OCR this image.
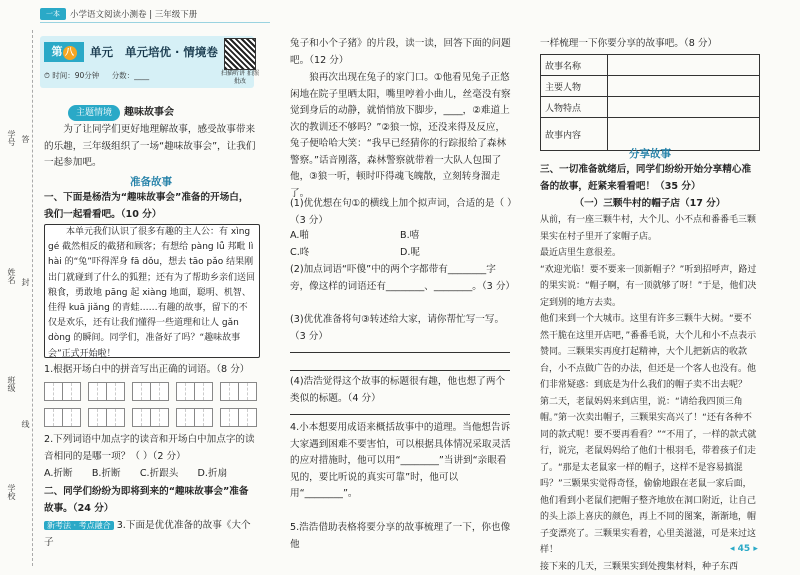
一本	小学语文阅读小测卷 | 三年级下册
学号 答
姓名 封
班级
线
学校
第 八	单元 单元培优 · 情境卷
⏱ 时间：90分钟 分数：____	扫描听讲 拍照批改
主题情境 趣味故事会
为了让同学们更好地理解故事，感受故事带来的乐趣，三年级组织了一场“趣味故事会”，让我们一起参加吧。
准备故事
一、下面是杨浩为“趣味故事会”准备的开场白，我们一起看看吧。（10 分）
本单元我们认识了很多有趣的主人公：有 xìng gé 截然相反的截猪和顾客；有想给 pàng lǚ 邦毗 lì hài 的“兔”吓得浑身 fā dǒu，想去 tāo pǎo 结果刚出门就碰到了什么的狐狸；还有为了帮助乡亲们送回粮食，勇敢地 pāng 起 xiàng 地面，聪明、机智、佳得 kuā jiǎng 的青蛙……有趣的故事，留下的不仅是欢乐，还有让我们懂得一些道理和让人 gǎn dòng 的瞬间。同学们，准备好了吗？“趣味故事会”正式开始啦！
1.根据开场白中的拼音写出正确的词语。（8 分）
2.下列词语中加点字的读音和开场白中加点字的读音相同的是哪一项？（ ）（2 分）
A.折断　　B.折断　　C.折跟头　　D.折扇
二、同学们纷纷为即将到来的“趣味故事会”准备故事。（24 分）
新考法 · 考点融合 3.下面是优优准备的故事《大个子
兔子和小个子猪》的片段，读一读，回答下面的问题吧。（12 分）
狼再次出现在兔子的家门口。①他看见兔子正悠闲地在院子里晒太阳，嘴里哼着小曲儿，丝毫没有察觉到身后的动静，就悄悄放下脚步，____，②难道上次的教训还不够吗？”②狼一惊，还没来得及反应，兔子便哈哈大笑：“我早已经猜你的行踪报给了森林警察。”话音刚落，森林警察就带着一大队人包围了他，③狼一听，顿时吓得魂飞魄散，立刻转身溜走了。
(1)优优想在句①的横线上加个拟声词，合适的是（ ）（3 分）
A.啪	B.嘻
C.咚	D.呢
(2)加点词语“吓傻”中的两个字都带有________字旁，像这样的词语还有________、________。（3 分）
(3)优优准备将句③转述给大家，请你帮忙写一写。（3 分）
(4)浩浩觉得这个故事的标题很有趣，他也想了两个类似的标题。（4 分）
4.小本想要用成语来概括故事中的道理。当他想告诉大家遇到困难不要害怕，可以根据具体情况采取灵活的应对措施时，他可以用“________”当讲到“亲眼看见的，要比听说的真实可靠”时，他可以用“________”。
5.浩浩借助表格将要分享的故事梳理了一下，你也像他
一样梳理一下你要分享的故事吧。（8 分）
故事名称	
主要人物	
人物特点	
故事内容	
分享故事
三、一切准备就绪后，同学们纷纷开始分享精心准备的故事，赶紧来看看吧！（35 分）
（一）三颗牛村的帽子店（17 分）
从前，有一座三颗牛村，大个儿、小不点和番番毛三颗果实在村子里开了家帽子店。
最近店里生意很差。
“欢迎光临！要不要来一顶新帽子？”听到招呼声，路过的果实说：“帽子啊，有一顶就够了呀！”于是，他们决定到别的地方去卖。
他们来到一个大城市。这里有许多三颗牛大树。“要不然干脆在这里开店吧，”番番毛说，大个儿和小不点表示赞同。三颗果实再度打起精神，大个儿把新店的收款台，小不点做广告的办法，但还是一个客人也没有。他们非常疑惑：到底是为什么我们的帽子卖不出去呢？
第二天，老鼠妈妈来到店里，说：“请给我四顶三角帽。”第一次卖出帽子，三颗果实高兴了！“还有各种不同的款式呢！要不要再看看？”“不用了，一样的款式就行，说完，老鼠妈妈给了他们十根羽毛，带着孩子们走了。“那是太老鼠家一样的帽子，这样不是容易搞混吗？”三颗果实觉得奇怪，偷偷地跟在老鼠一家后面，他们看到小老鼠们把帽子整齐地放在洞口附近，让自己的头上添上喜庆的颜色，再上不同的图案，渐渐地，帽子变漂亮了。三颗果实看着，心里美滋滋，可是来过这样！
接下来的几天，三颗果实到处搜集材料，种子东西
◂ 45 ▸
